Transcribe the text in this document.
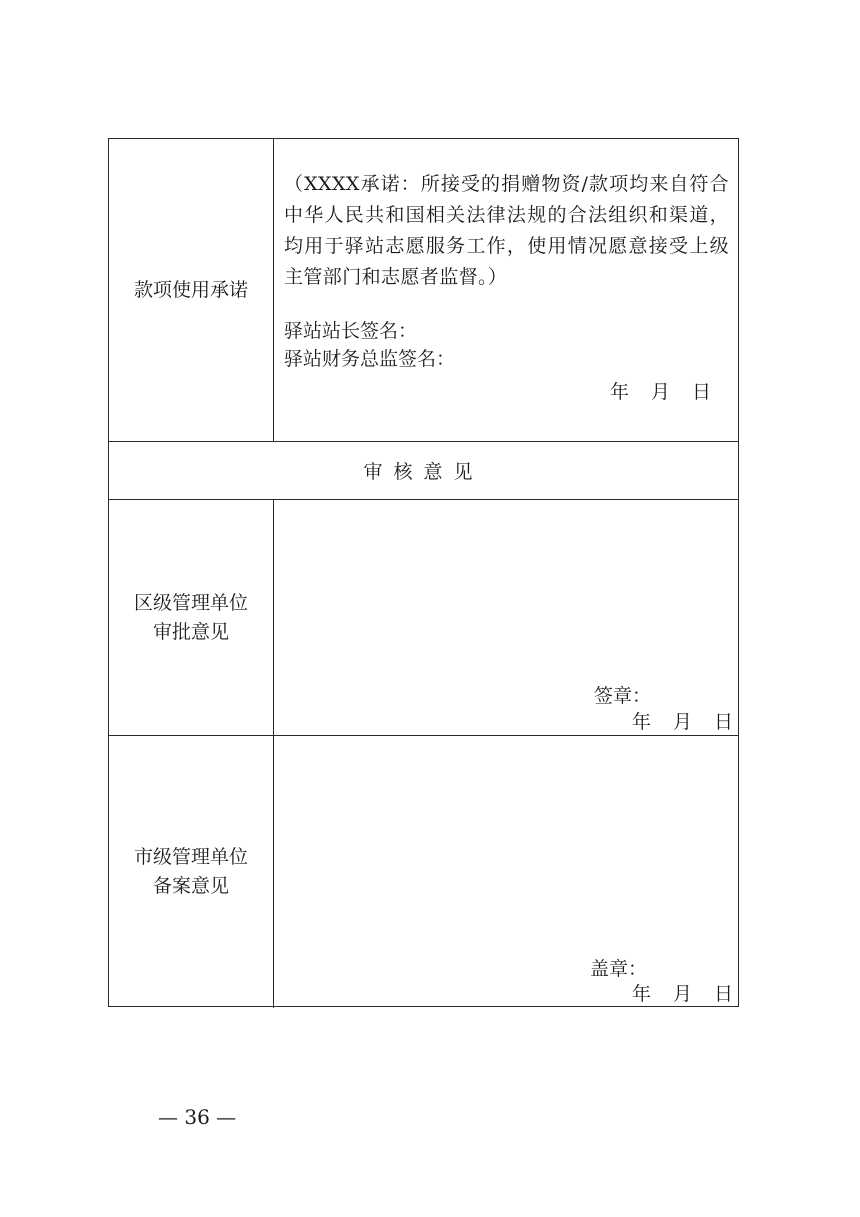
款项使用承诺
（XXXX承诺：所接受的捐赠物资/款项均来自符合中华人民共和国相关法律法规的合法组织和渠道，均用于驿站志愿服务工作，使用情况愿意接受上级主管部门和志愿者监督。）
驿站站长签名：
驿站财务总监签名：
年 月 日
审核意见
区级管理单位
审批意见
签章：
年 月 日
市级管理单位
备案意见
盖章：
年 月 日
— 36 —
